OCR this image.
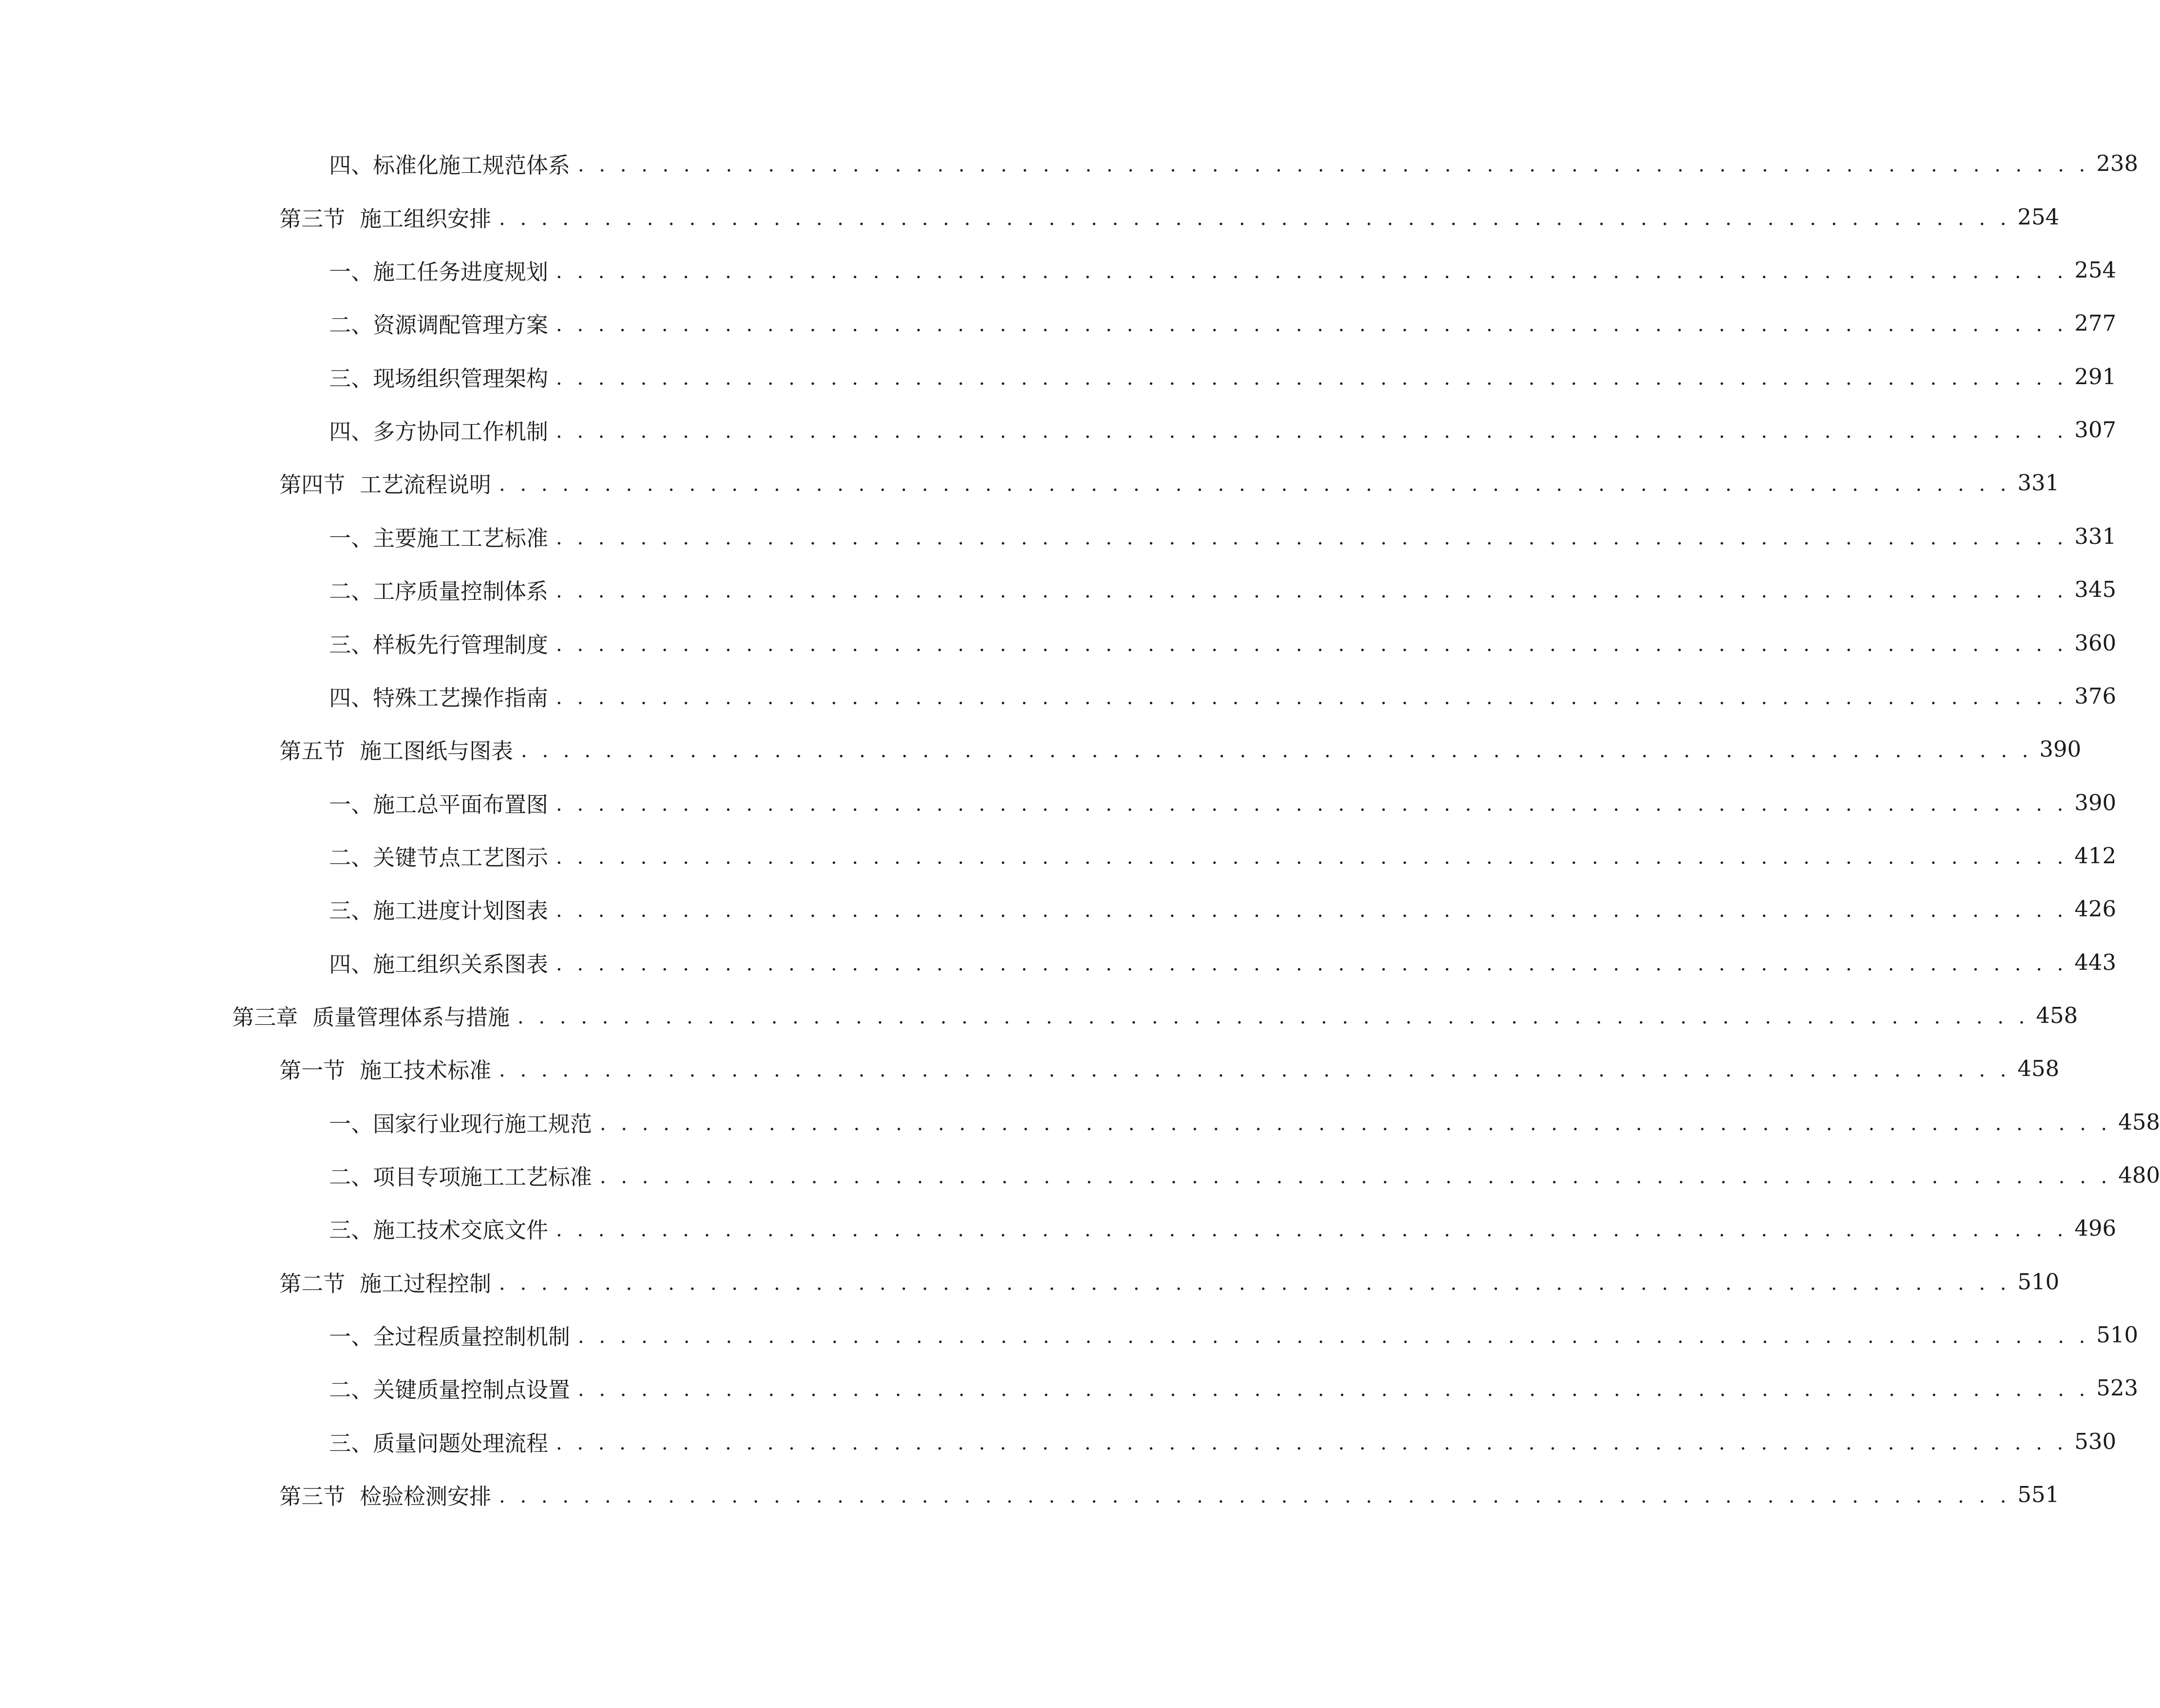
四、 标准化施工规范体系 . . . . . . . . . . . . . . . . . . . . . . . . . . . . . . . . . . . . . . . . . . . . . . . . . . . . . . . . . . . . . . . . . . . . . . . . 238
第三节 施工组织安排 . . . . . . . . . . . . . . . . . . . . . . . . . . . . . . . . . . . . . . . . . . . . . . . . . . . . . . . . . . . . . . . . . . . . . . . . 254
一、 施工任务进度规划 . . . . . . . . . . . . . . . . . . . . . . . . . . . . . . . . . . . . . . . . . . . . . . . . . . . . . . . . . . . . . . . . . . . . . . . . 254
二、 资源调配管理方案 . . . . . . . . . . . . . . . . . . . . . . . . . . . . . . . . . . . . . . . . . . . . . . . . . . . . . . . . . . . . . . . . . . . . . . . . 277
三、 现场组织管理架构 . . . . . . . . . . . . . . . . . . . . . . . . . . . . . . . . . . . . . . . . . . . . . . . . . . . . . . . . . . . . . . . . . . . . . . . . 291
四、 多方协同工作机制 . . . . . . . . . . . . . . . . . . . . . . . . . . . . . . . . . . . . . . . . . . . . . . . . . . . . . . . . . . . . . . . . . . . . . . . . 307
第四节 工艺流程说明 . . . . . . . . . . . . . . . . . . . . . . . . . . . . . . . . . . . . . . . . . . . . . . . . . . . . . . . . . . . . . . . . . . . . . . . . 331
一、 主要施工工艺标准 . . . . . . . . . . . . . . . . . . . . . . . . . . . . . . . . . . . . . . . . . . . . . . . . . . . . . . . . . . . . . . . . . . . . . . . . 331
二、 工序质量控制体系 . . . . . . . . . . . . . . . . . . . . . . . . . . . . . . . . . . . . . . . . . . . . . . . . . . . . . . . . . . . . . . . . . . . . . . . . 345
三、 样板先行管理制度 . . . . . . . . . . . . . . . . . . . . . . . . . . . . . . . . . . . . . . . . . . . . . . . . . . . . . . . . . . . . . . . . . . . . . . . . 360
四、 特殊工艺操作指南 . . . . . . . . . . . . . . . . . . . . . . . . . . . . . . . . . . . . . . . . . . . . . . . . . . . . . . . . . . . . . . . . . . . . . . . . 376
第五节 施工图纸与图表 . . . . . . . . . . . . . . . . . . . . . . . . . . . . . . . . . . . . . . . . . . . . . . . . . . . . . . . . . . . . . . . . . . . . . . . . 390
一、 施工总平面布置图 . . . . . . . . . . . . . . . . . . . . . . . . . . . . . . . . . . . . . . . . . . . . . . . . . . . . . . . . . . . . . . . . . . . . . . . . 390
二、 关键节点工艺图示 . . . . . . . . . . . . . . . . . . . . . . . . . . . . . . . . . . . . . . . . . . . . . . . . . . . . . . . . . . . . . . . . . . . . . . . . 412
三、 施工进度计划图表 . . . . . . . . . . . . . . . . . . . . . . . . . . . . . . . . . . . . . . . . . . . . . . . . . . . . . . . . . . . . . . . . . . . . . . . . 426
四、 施工组织关系图表 . . . . . . . . . . . . . . . . . . . . . . . . . . . . . . . . . . . . . . . . . . . . . . . . . . . . . . . . . . . . . . . . . . . . . . . . 443
第三章 质量管理体系与措施 . . . . . . . . . . . . . . . . . . . . . . . . . . . . . . . . . . . . . . . . . . . . . . . . . . . . . . . . . . . . . . . . . . . . . . . . 458
第一节 施工技术标准 . . . . . . . . . . . . . . . . . . . . . . . . . . . . . . . . . . . . . . . . . . . . . . . . . . . . . . . . . . . . . . . . . . . . . . . . 458
一、 国家行业现行施工规范 . . . . . . . . . . . . . . . . . . . . . . . . . . . . . . . . . . . . . . . . . . . . . . . . . . . . . . . . . . . . . . . . . . . . . . . . 458
二、 项目专项施工工艺标准 . . . . . . . . . . . . . . . . . . . . . . . . . . . . . . . . . . . . . . . . . . . . . . . . . . . . . . . . . . . . . . . . . . . . . . . . 480
三、 施工技术交底文件 . . . . . . . . . . . . . . . . . . . . . . . . . . . . . . . . . . . . . . . . . . . . . . . . . . . . . . . . . . . . . . . . . . . . . . . . 496
第二节 施工过程控制 . . . . . . . . . . . . . . . . . . . . . . . . . . . . . . . . . . . . . . . . . . . . . . . . . . . . . . . . . . . . . . . . . . . . . . . . 510
一、 全过程质量控制机制 . . . . . . . . . . . . . . . . . . . . . . . . . . . . . . . . . . . . . . . . . . . . . . . . . . . . . . . . . . . . . . . . . . . . . . . . 510
二、 关键质量控制点设置 . . . . . . . . . . . . . . . . . . . . . . . . . . . . . . . . . . . . . . . . . . . . . . . . . . . . . . . . . . . . . . . . . . . . . . . . 523
三、 质量问题处理流程 . . . . . . . . . . . . . . . . . . . . . . . . . . . . . . . . . . . . . . . . . . . . . . . . . . . . . . . . . . . . . . . . . . . . . . . . 530
第三节 检验检测安排 . . . . . . . . . . . . . . . . . . . . . . . . . . . . . . . . . . . . . . . . . . . . . . . . . . . . . . . . . . . . . . . . . . . . . . . . 551
